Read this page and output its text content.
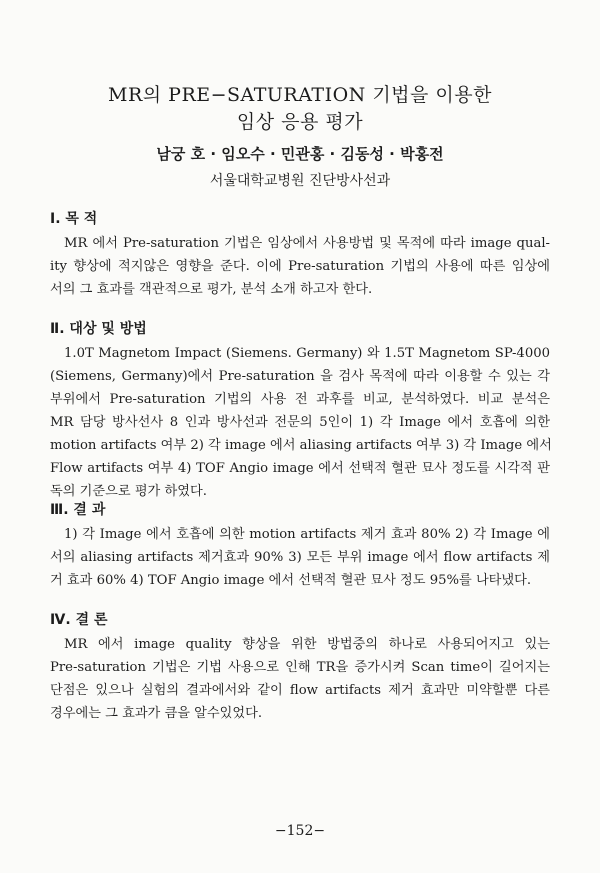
MR의 PRE−SATURATION 기법을 이용한
임상 응용 평가
남궁 호 · 임오수 · 민관홍 · 김동성 · 박홍전
서울대학교병원 진단방사선과
Ⅰ. 목 적
MR 에서 Pre-saturation 기법은 임상에서 사용방법 및 목적에 따라 image qual-
ity 향상에 적지않은 영향을 준다. 이에 Pre-saturation 기법의 사용에 따른 임상에
서의 그 효과를 객관적으로 평가, 분석 소개 하고자 한다.
Ⅱ. 대상 및 방법
1.0T Magnetom Impact (Siemens. Germany) 와 1.5T Magnetom SP-4000
(Siemens, Germany)에서 Pre-saturation 을 검사 목적에 따라 이용할 수 있는 각
부위에서 Pre-saturation 기법의 사용 전 과후를 비교, 분석하였다. 비교 분석은
MR 담당 방사선사 8 인과 방사선과 전문의 5인이 1) 각 Image 에서 호흡에 의한
motion artifacts 여부 2) 각 image 에서 aliasing artifacts 여부 3) 각 Image 에서
Flow artifacts 여부 4) TOF Angio image 에서 선택적 혈관 묘사 정도를 시각적 판
독의 기준으로 평가 하였다.
Ⅲ. 결 과
1) 각 Image 에서 호흡에 의한 motion artifacts 제거 효과 80% 2) 각 Image 에
서의 aliasing artifacts 제거효과 90% 3) 모든 부위 image 에서 flow artifacts 제
거 효과 60% 4) TOF Angio image 에서 선택적 혈관 묘사 정도 95%를 나타냈다.
Ⅳ. 결 론
MR 에서 image quality 향상을 위한 방법중의 하나로 사용되어지고 있는
Pre-saturation 기법은 기법 사용으로 인해 TR을 증가시켜 Scan time이 길어지는
단점은 있으나 실험의 결과에서와 같이 flow artifacts 제거 효과만 미약할뿐 다른
경우에는 그 효과가 큼을 알수있었다.
−152−
